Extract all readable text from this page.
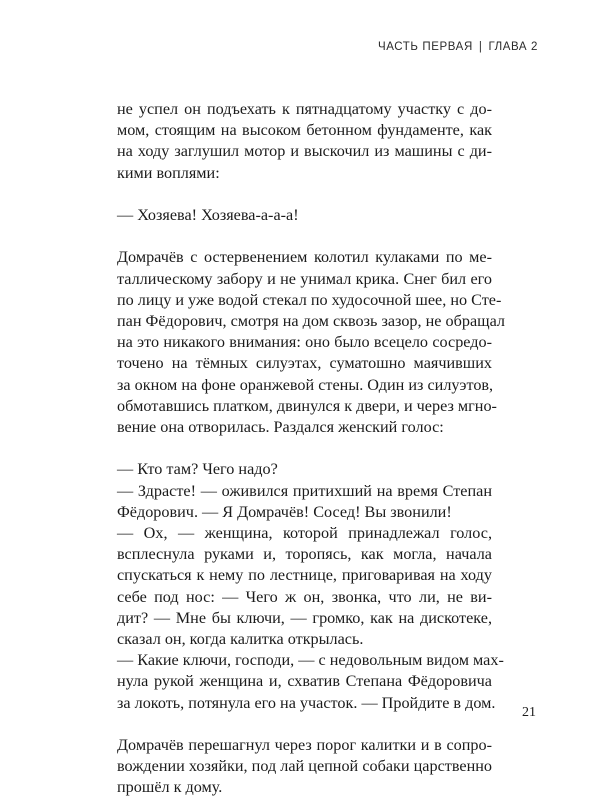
ЧАСТЬ ПЕРВАЯ | ГЛАВА 2
не успел он подъехать к пятнадцатому участку с до-
мом, стоящим на высоком бетонном фундаменте, как
на ходу заглушил мотор и выскочил из машины с ди-
кими воплями:
— Хозяева! Хозяева-а-а-а!
Домрачёв с остервенением колотил кулаками по ме-
таллическому забору и не унимал крика. Снег бил его
по лицу и уже водой стекал по худосочной шее, но Сте-
пан Фёдорович, смотря на дом сквозь зазор, не обращал
на это никакого внимания: оно было всецело сосредо-
точено на тёмных силуэтах, суматошно маячивших
за окном на фоне оранжевой стены. Один из силуэтов,
обмотавшись платком, двинулся к двери, и через мгно-
вение она отворилась. Раздался женский голос:
— Кто там? Чего надо?
— Здрасте! — оживился притихший на время Степан
Фёдорович. — Я Домрачёв! Сосед! Вы звонили!
— Ох, — женщина, которой принадлежал голос,
всплеснула руками и, торопясь, как могла, начала
спускаться к нему по лестнице, приговаривая на ходу
себе под нос: — Чего ж он, звонка, что ли, не ви-
дит? — Мне бы ключи, — громко, как на дискотеке,
сказал он, когда калитка открылась.
— Какие ключи, господи, — с недовольным видом мах-
нула рукой женщина и, схватив Степана Фёдоровича
за локоть, потянула его на участок. — Пройдите в дом.
Домрачёв перешагнул через порог калитки и в сопро-
вождении хозяйки, под лай цепной собаки царственно
прошёл к дому.
21
